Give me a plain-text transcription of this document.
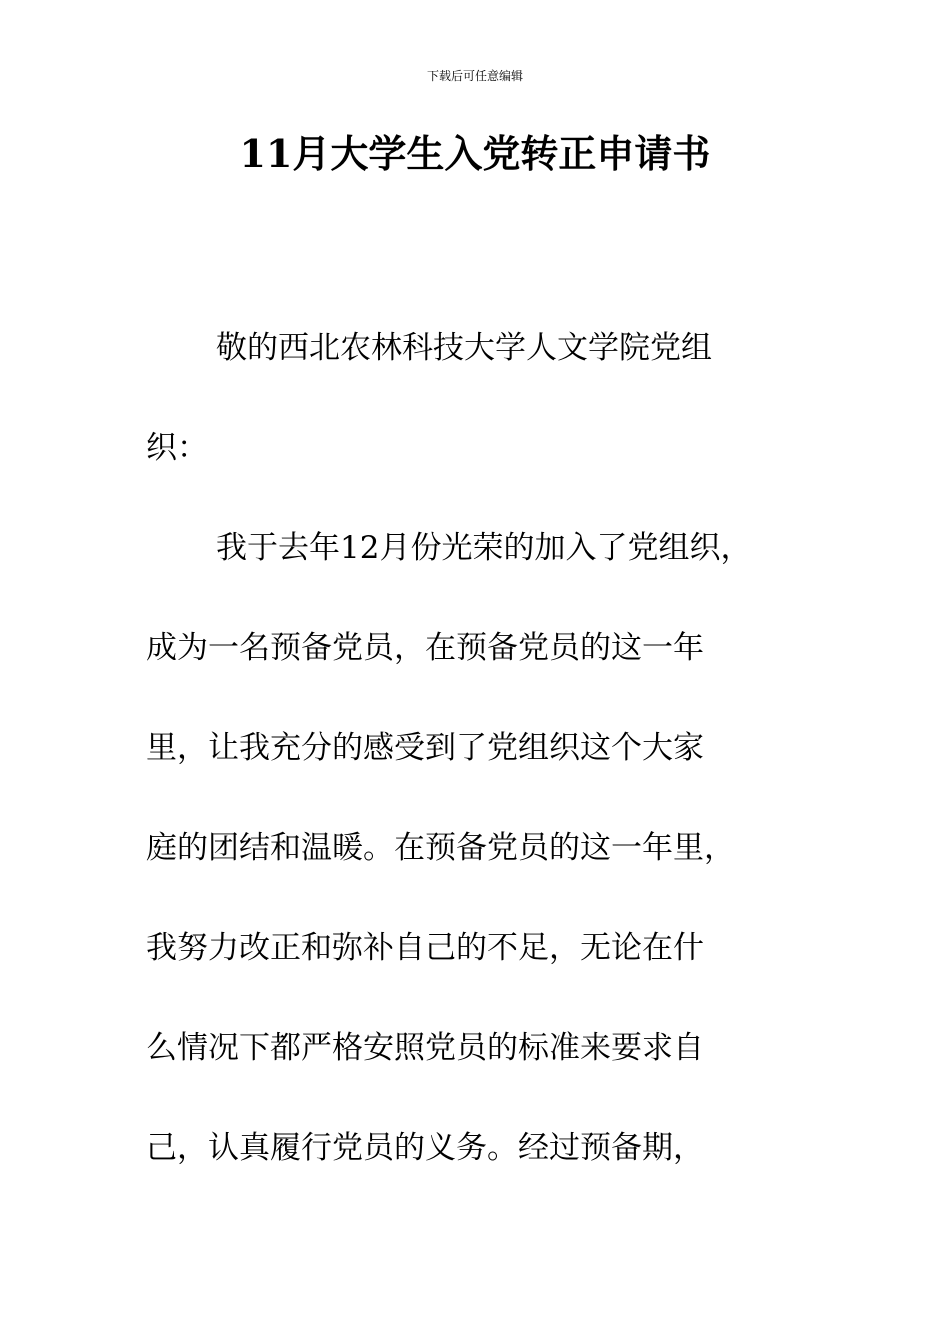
下载后可任意编辑
11月大学生入党转正申请书
敬的西北农林科技大学人文学院党组
织：
我于去年12月份光荣的加入了党组织，
成为一名预备党员，在预备党员的这一年
里，让我充分的感受到了党组织这个大家
庭的团结和温暖。在预备党员的这一年里，
我努力改正和弥补自己的不足，无论在什
么情况下都严格安照党员的标准来要求自
己，认真履行党员的义务。经过预备期，
